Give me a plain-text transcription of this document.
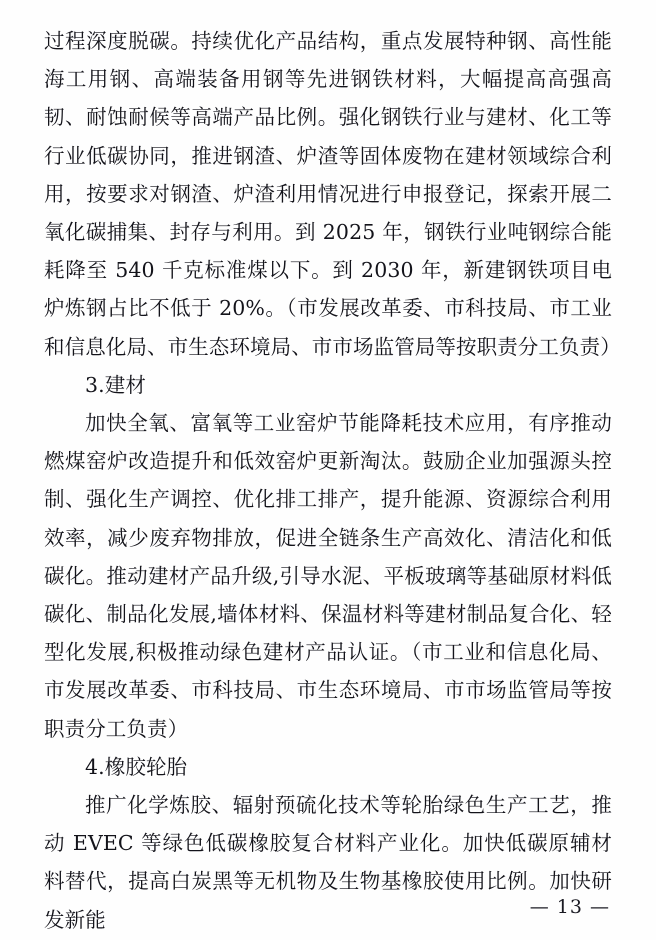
过程深度脱碳。持续优化产品结构，重点发展特种钢、高性能海工用钢、高端装备用钢等先进钢铁材料，大幅提高高强高韧、耐蚀耐候等高端产品比例。强化钢铁行业与建材、化工等行业低碳协同，推进钢渣、炉渣等固体废物在建材领域综合利用，按要求对钢渣、炉渣利用情况进行申报登记，探索开展二氧化碳捕集、封存与利用。到 2025 年，钢铁行业吨钢综合能耗降至 540 千克标准煤以下。到 2030 年，新建钢铁项目电炉炼钢占比不低于 20%。（市发展改革委、市科技局、市工业和信息化局、市生态环境局、市市场监管局等按职责分工负责）

3.建材

加快全氧、富氧等工业窑炉节能降耗技术应用，有序推动燃煤窑炉改造提升和低效窑炉更新淘汰。鼓励企业加强源头控制、强化生产调控、优化排工排产，提升能源、资源综合利用效率，减少废弃物排放，促进全链条生产高效化、清洁化和低碳化。推动建材产品升级,引导水泥、平板玻璃等基础原材料低碳化、制品化发展,墙体材料、保温材料等建材制品复合化、轻型化发展,积极推动绿色建材产品认证。（市工业和信息化局、市发展改革委、市科技局、市生态环境局、市市场监管局等按职责分工负责）

4.橡胶轮胎

推广化学炼胶、辐射预硫化技术等轮胎绿色生产工艺，推动 EVEC 等绿色低碳橡胶复合材料产业化。加快低碳原辅材料替代，提高白炭黑等无机物及生物基橡胶使用比例。加快研发新能

— 13 —
